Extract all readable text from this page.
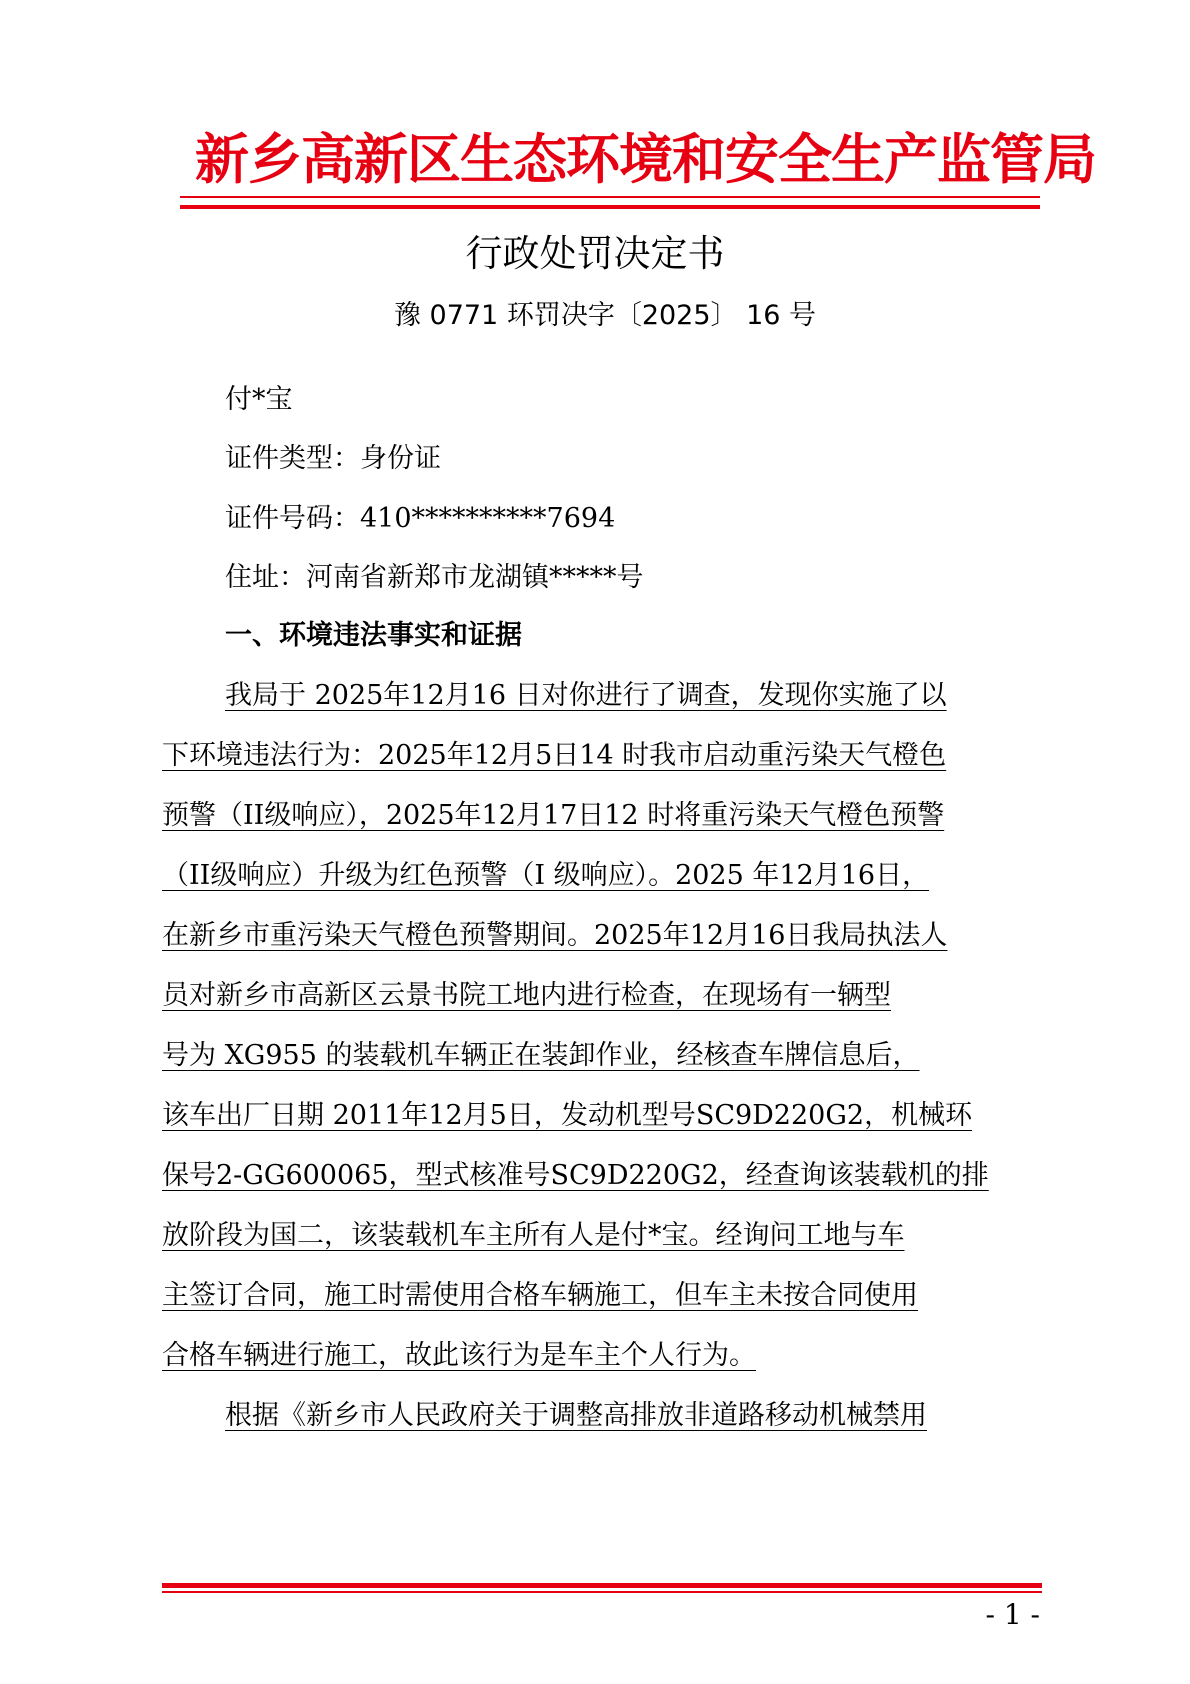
新乡高新区生态环境和安全生产监管局
行政处罚决定书
豫 0771 环罚决字〔2025〕 16 号
付*宝
证件类型：身份证
证件号码：410**********7694
住址：河南省新郑市龙湖镇*****号
一、环境违法事实和证据
我局于 2025年12月16 日对你进行了调查，发现你实施了以
下环境违法行为：2025年12月5日14 时我市启动重污染天气橙色
预警（II级响应），2025年12月17日12 时将重污染天气橙色预警
（II级响应）升级为红色预警（I 级响应）。2025 年12月16日，
在新乡市重污染天气橙色预警期间。2025年12月16日我局执法人
员对新乡市高新区云景书院工地内进行检查，在现场有一辆型
号为 XG955 的装载机车辆正在装卸作业，经核查车牌信息后，
该车出厂日期 2011年12月5日，发动机型号SC9D220G2，机械环
保号2-GG600065，型式核准号SC9D220G2，经查询该装载机的排
放阶段为国二，该装载机车主所有人是付*宝。经询问工地与车
主签订合同，施工时需使用合格车辆施工，但车主未按合同使用
合格车辆进行施工，故此该行为是车主个人行为。
根据《新乡市人民政府关于调整高排放非道路移动机械禁用
- 1 -
